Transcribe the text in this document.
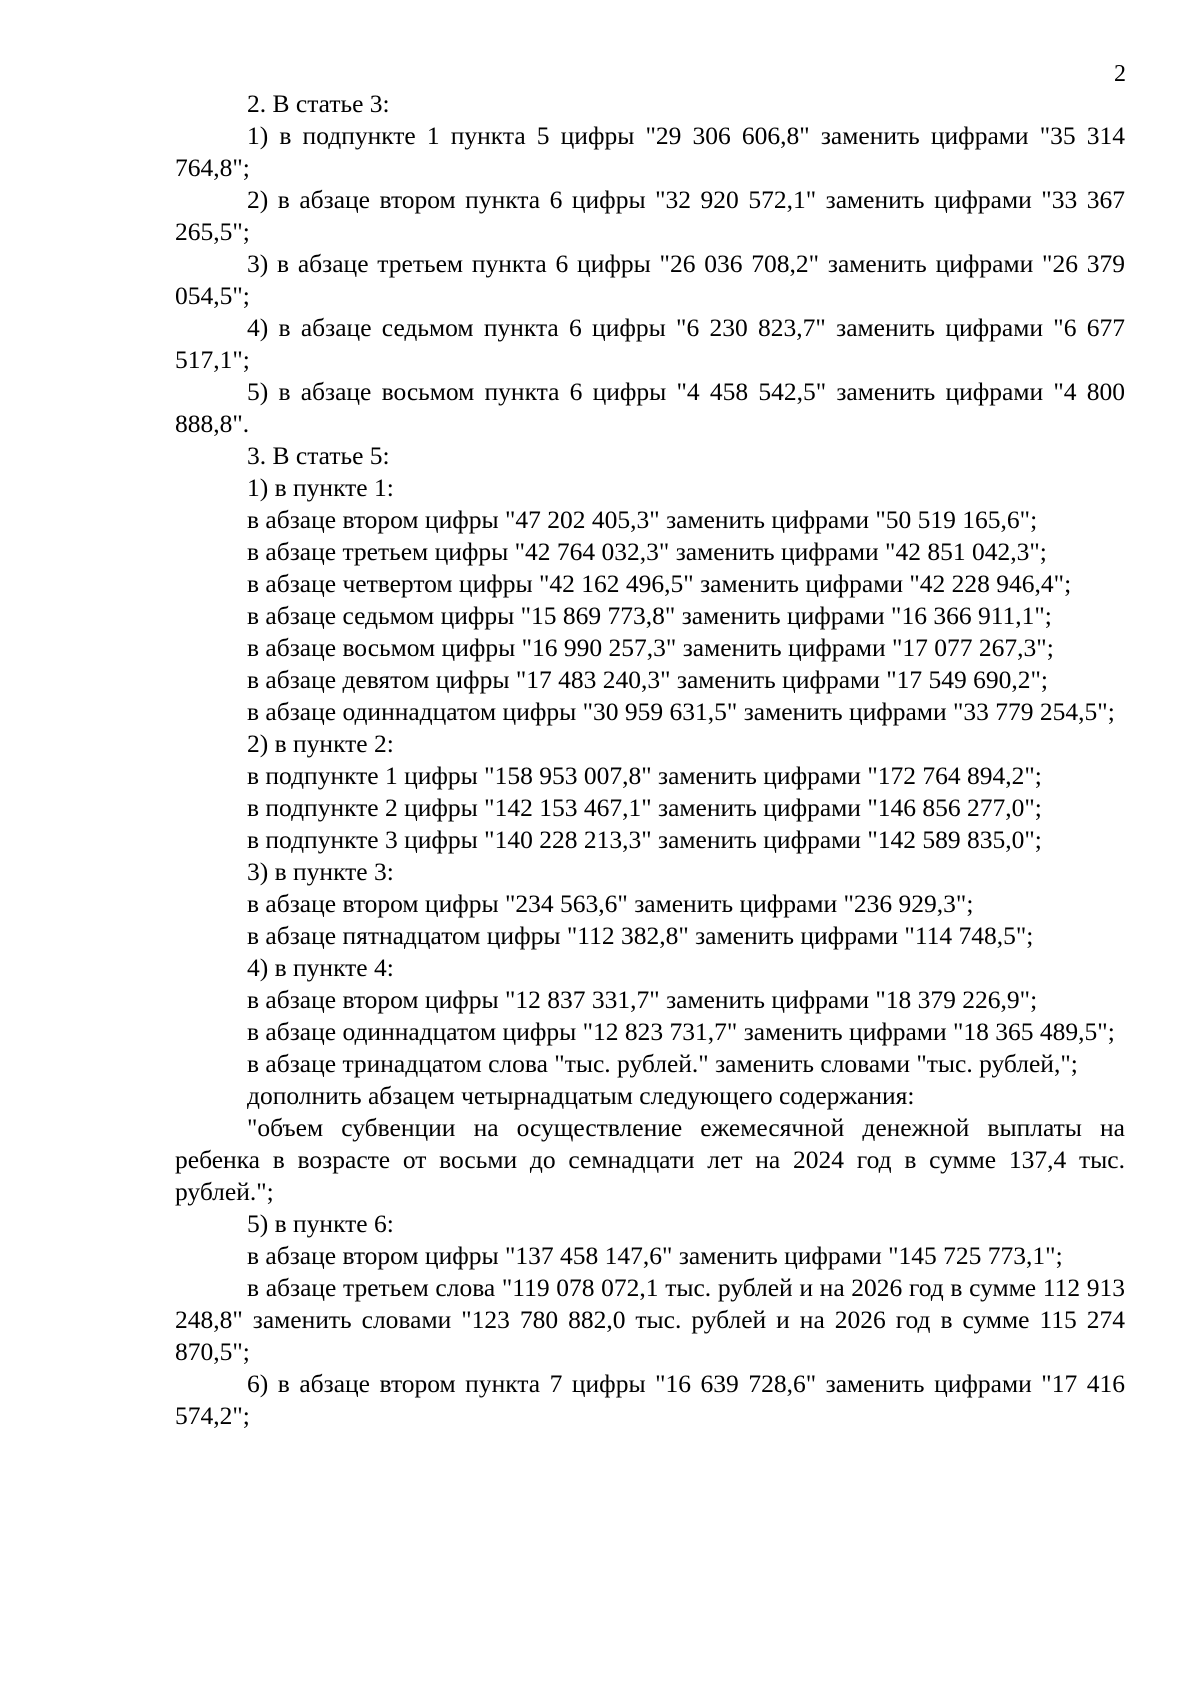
2

2. В статье 3:

1) в подпункте 1 пункта 5 цифры "29 306 606,8" заменить цифрами "35 314 764,8";

2) в абзаце втором пункта 6 цифры "32 920 572,1" заменить цифрами "33 367 265,5";

3) в абзаце третьем пункта 6 цифры "26 036 708,2" заменить цифрами "26 379 054,5";

4) в абзаце седьмом пункта 6 цифры "6 230 823,7" заменить цифрами "6 677 517,1";

5) в абзаце восьмом пункта 6 цифры "4 458 542,5" заменить цифрами "4 800 888,8".

3. В статье 5:

1) в пункте 1:

в абзаце втором цифры "47 202 405,3" заменить цифрами "50 519 165,6";

в абзаце третьем цифры "42 764 032,3" заменить цифрами "42 851 042,3";

в абзаце четвертом цифры "42 162 496,5" заменить цифрами "42 228 946,4";

в абзаце седьмом цифры "15 869 773,8" заменить цифрами "16 366 911,1";

в абзаце восьмом цифры "16 990 257,3" заменить цифрами "17 077 267,3";

в абзаце девятом цифры "17 483 240,3" заменить цифрами "17 549 690,2";

в абзаце одиннадцатом цифры "30 959 631,5" заменить цифрами "33 779 254,5";

2) в пункте 2:

в подпункте 1 цифры "158 953 007,8" заменить цифрами "172 764 894,2";

в подпункте 2 цифры "142 153 467,1" заменить цифрами "146 856 277,0";

в подпункте 3 цифры "140 228 213,3" заменить цифрами "142 589 835,0";

3) в пункте 3:

в абзаце втором цифры "234 563,6" заменить цифрами "236 929,3";

в абзаце пятнадцатом цифры "112 382,8" заменить цифрами "114 748,5";

4) в пункте 4:

в абзаце втором цифры "12 837 331,7" заменить цифрами "18 379 226,9";

в абзаце одиннадцатом цифры "12 823 731,7" заменить цифрами "18 365 489,5";

в абзаце тринадцатом слова "тыс. рублей." заменить словами "тыс. рублей,";

дополнить абзацем четырнадцатым следующего содержания:

"объем субвенции на осуществление ежемесячной денежной выплаты на ребенка в возрасте от восьми до семнадцати лет на 2024 год в сумме 137,4 тыс. рублей.";

5) в пункте 6:

в абзаце втором цифры "137 458 147,6" заменить цифрами "145 725 773,1";

в абзаце третьем слова "119 078 072,1 тыс. рублей и на 2026 год в сумме 112 913 248,8" заменить словами "123 780 882,0 тыс. рублей и на 2026 год в сумме 115 274 870,5";

6) в абзаце втором пункта 7 цифры "16 639 728,6" заменить цифрами "17 416 574,2";
